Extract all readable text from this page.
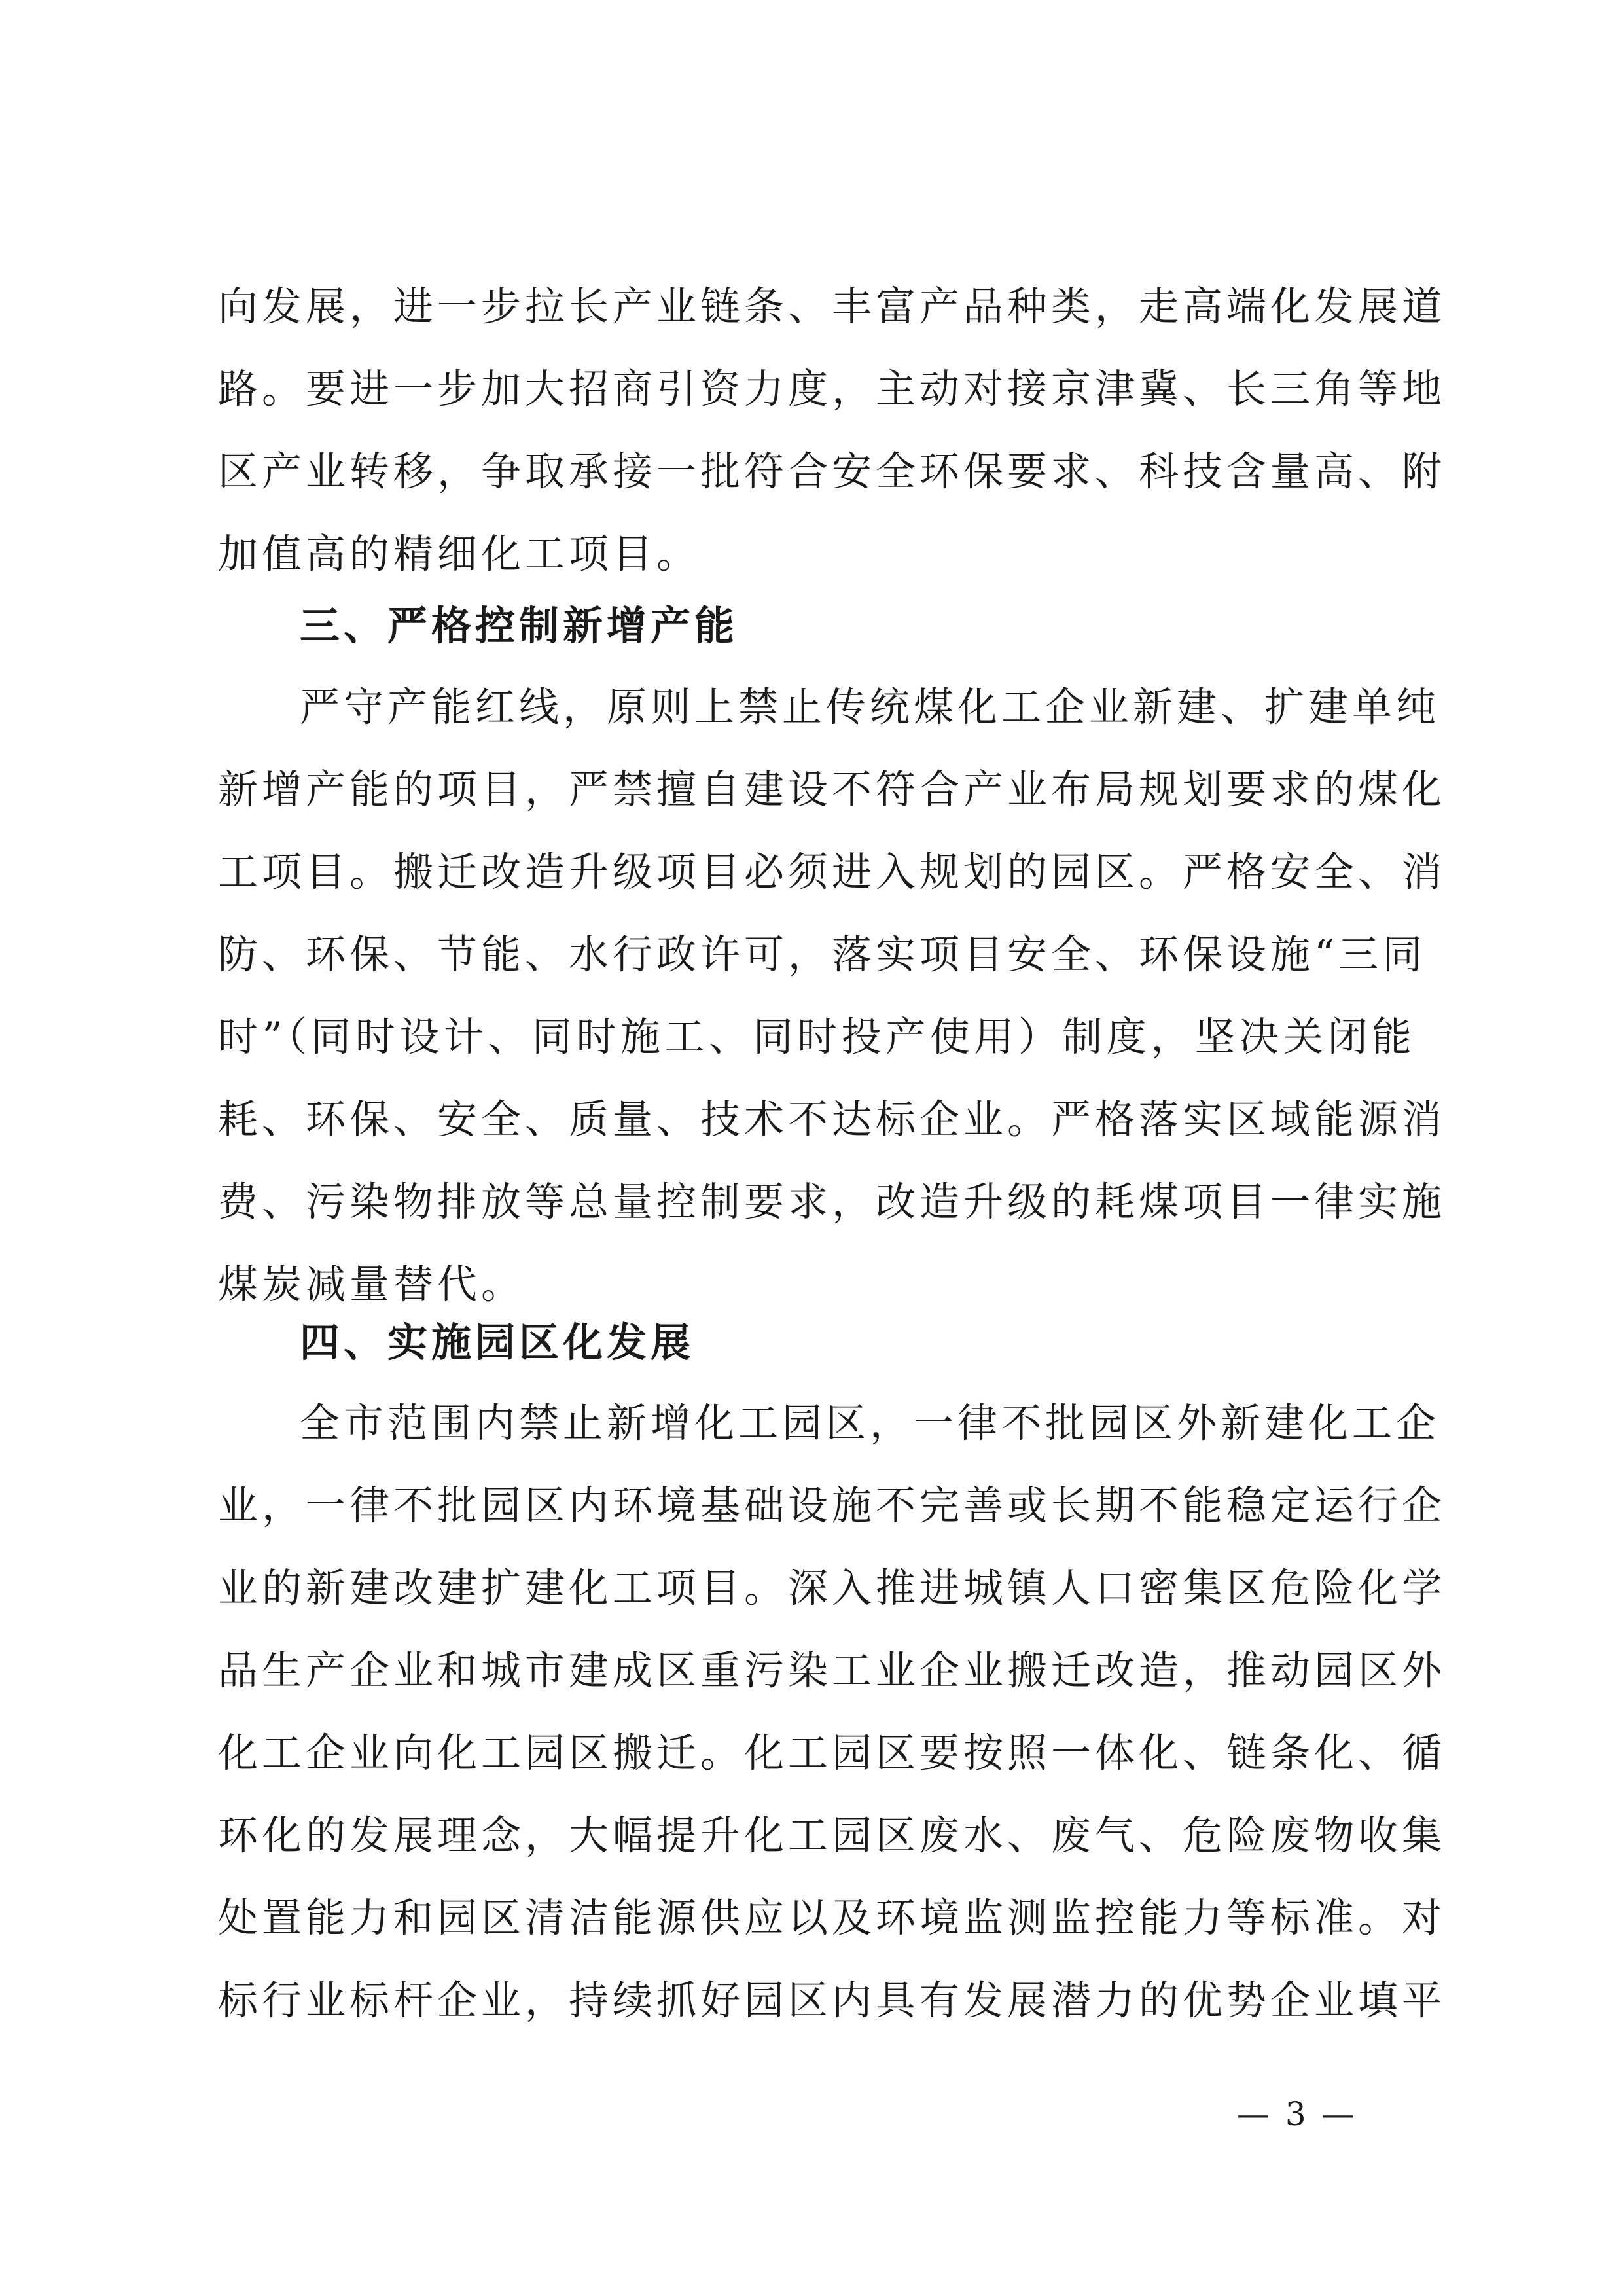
向发展，进一步拉长产业链条、丰富产品种类，走高端化发展道
路。要进一步加大招商引资力度，主动对接京津冀、长三角等地
区产业转移，争取承接一批符合安全环保要求、科技含量高、附
加值高的精细化工项目。
三、严格控制新增产能
严守产能红线，原则上禁止传统煤化工企业新建、扩建单纯
新增产能的项目，严禁擅自建设不符合产业布局规划要求的煤化
工项目。搬迁改造升级项目必须进入规划的园区。严格安全、消
防、环保、节能、水行政许可，落实项目安全、环保设施“三同
时”（同时设计、同时施工、同时投产使用）制度，坚决关闭能
耗、环保、安全、质量、技术不达标企业。严格落实区域能源消
费、污染物排放等总量控制要求，改造升级的耗煤项目一律实施
煤炭减量替代。
四、实施园区化发展
全市范围内禁止新增化工园区，一律不批园区外新建化工企
业，一律不批园区内环境基础设施不完善或长期不能稳定运行企
业的新建改建扩建化工项目。深入推进城镇人口密集区危险化学
品生产企业和城市建成区重污染工业企业搬迁改造，推动园区外
化工企业向化工园区搬迁。化工园区要按照一体化、链条化、循
环化的发展理念，大幅提升化工园区废水、废气、危险废物收集
处置能力和园区清洁能源供应以及环境监测监控能力等标准。对
标行业标杆企业，持续抓好园区内具有发展潜力的优势企业填平
— 3 —
